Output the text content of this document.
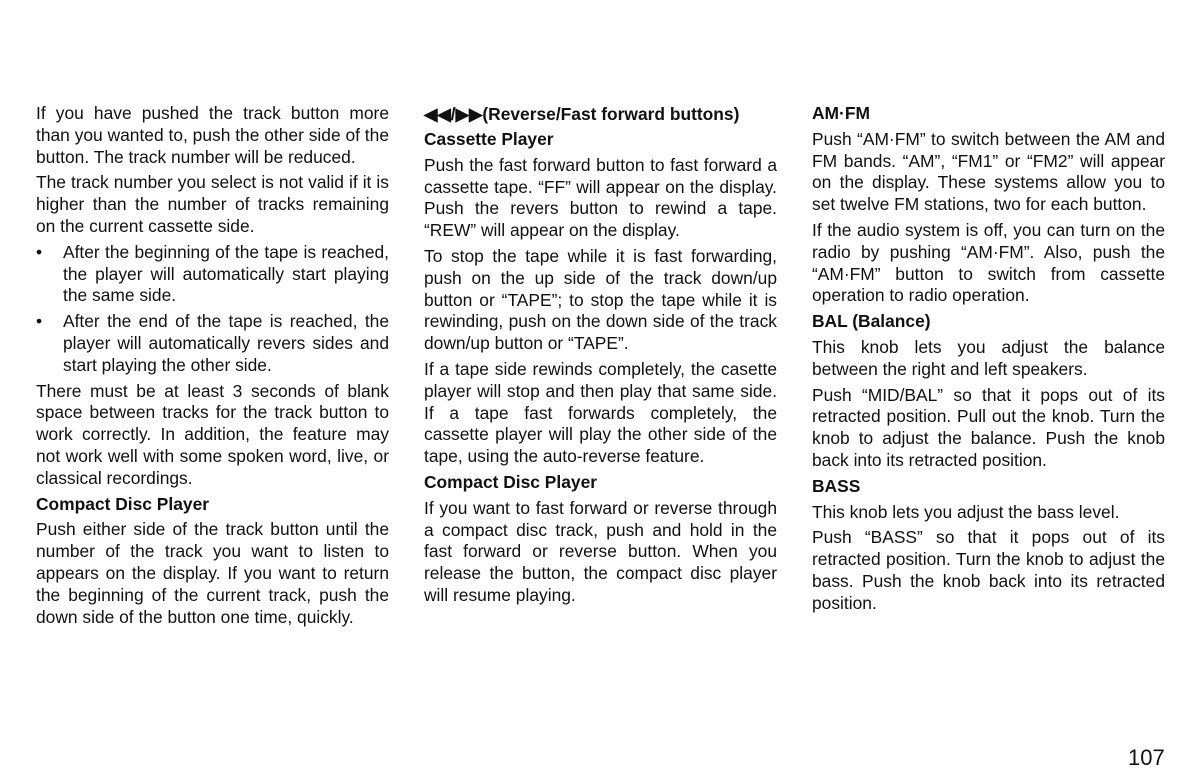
If you have pushed the track button more than you wanted to, push the other side of the button. The track number will be reduced.

The track number you select is not valid if it is higher than the number of tracks remaining on the current cassette side.

• After the beginning of the tape is reached, the player will automatically start playing the same side.
• After the end of the tape is reached, the player will automatically revers sides and start playing the other side.

There must be at least 3 seconds of blank space between tracks for the track button to work correctly. In addition, the feature may not work well with some spoken word, live, or classical recordings.

Compact Disc Player

Push either side of the track button until the number of the track you want to listen to appears on the display. If you want to return the beginning of the current track, push the down side of the button one time, quickly.

◀◀/▶▶(Reverse/Fast forward buttons)
Cassette Player

Push the fast forward button to fast forward a cassette tape. “FF” will appear on the display. Push the revers button to rewind a tape. “REW” will appear on the display.

To stop the tape while it is fast forwarding, push on the up side of the track down/up button or “TAPE”; to stop the tape while it is rewinding, push on the down side of the track down/up button or “TAPE”.

If a tape side rewinds completely, the casette player will stop and then play that same side. If a tape fast forwards completely, the cassette player will play the other side of the tape, using the auto-reverse feature.

Compact Disc Player

If you want to fast forward or reverse through a compact disc track, push and hold in the fast forward or reverse button. When you release the button, the compact disc player will resume playing.

AM·FM

Push “AM·FM” to switch between the AM and FM bands. “AM”, “FM1” or “FM2” will appear on the display. These systems allow you to set twelve FM stations, two for each button.

If the audio system is off, you can turn on the radio by pushing “AM·FM”. Also, push the “AM·FM” button to switch from cassette operation to radio operation.

BAL (Balance)

This knob lets you adjust the balance between the right and left speakers.

Push “MID/BAL” so that it pops out of its retracted position. Pull out the knob. Turn the knob to adjust the balance. Push the knob back into its retracted position.

BASS

This knob lets you adjust the bass level.

Push “BASS” so that it pops out of its retracted position. Turn the knob to adjust the bass. Push the knob back into its retracted position.

107
